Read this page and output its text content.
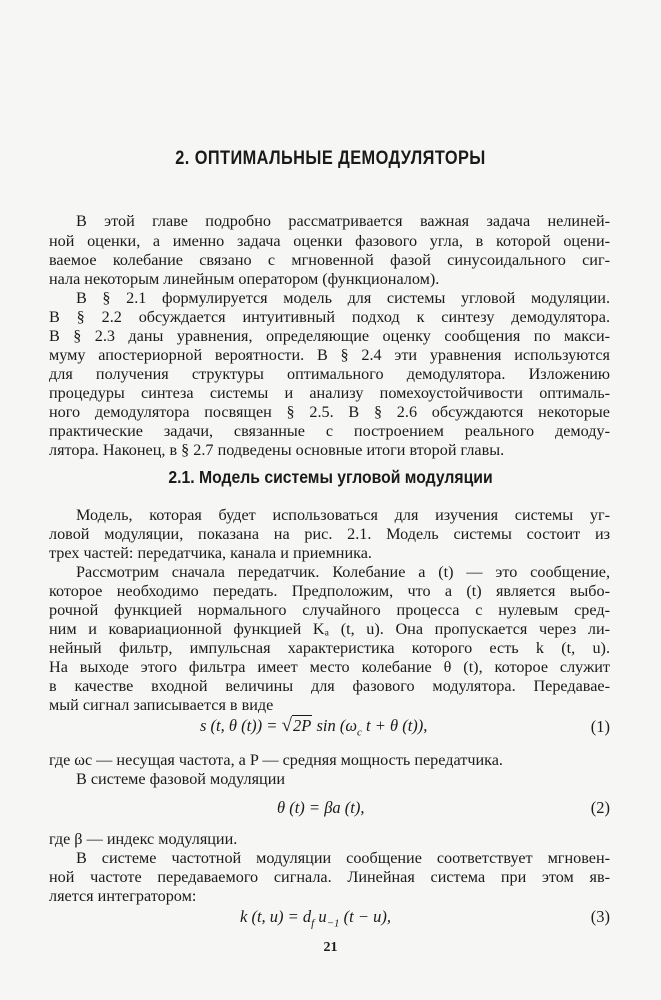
2. ОПТИМАЛЬНЫЕ ДЕМОДУЛЯТОРЫ
В этой главе подробно рассматривается важная задача нелиней-
ной оценки, а именно задача оценки фазового угла, в которой оцени-
ваемое колебание связано с мгновенной фазой синусоидального сиг-
нала некоторым линейным оператором (функционалом).
В § 2.1 формулируется модель для системы угловой модуляции.
В § 2.2 обсуждается интуитивный подход к синтезу демодулятора.
В § 2.3 даны уравнения, определяющие оценку сообщения по макси-
муму апостериорной вероятности. В § 2.4 эти уравнения используются
для получения структуры оптимального демодулятора. Изложению
процедуры синтеза системы и анализу помехоустойчивости оптималь-
ного демодулятора посвящен § 2.5. В § 2.6 обсуждаются некоторые
практические задачи, связанные с построением реального демоду-
лятора. Наконец, в § 2.7 подведены основные итоги второй главы.
2.1. Модель системы угловой модуляции
Модель, которая будет использоваться для изучения системы уг-
ловой модуляции, показана на рис. 2.1. Модель системы состоит из
трех частей: передатчика, канала и приемника.
Рассмотрим сначала передатчик. Колебание a (t) — это сообщение,
которое необходимо передать. Предположим, что a (t) является выбо-
рочной функцией нормального случайного процесса с нулевым сред-
ним и ковариационной функцией Kₐ (t, u). Она пропускается через ли-
нейный фильтр, импульсная характеристика которого есть k (t, u).
На выходе этого фильтра имеет место колебание θ (t), которое служит
в качестве входной величины для фазового модулятора. Передавае-
мый сигнал записывается в виде
s (t, θ (t)) = √2P $\sin (\omega_c$ t + θ (t)),	(1)
где ωc — несущая частота, а P — средняя мощность передатчика.
В системе фазовой модуляции
θ (t) = βa (t),	(2)
где β — индекс модуляции.
В системе частотной модуляции сообщение соответствует мгновен-
ной частоте передаваемого сигнала. Линейная система при этом яв-
ляется интегратором:
k (t, $u) = d_f$ $u_{-1}$ (t − u),	(3)
21
